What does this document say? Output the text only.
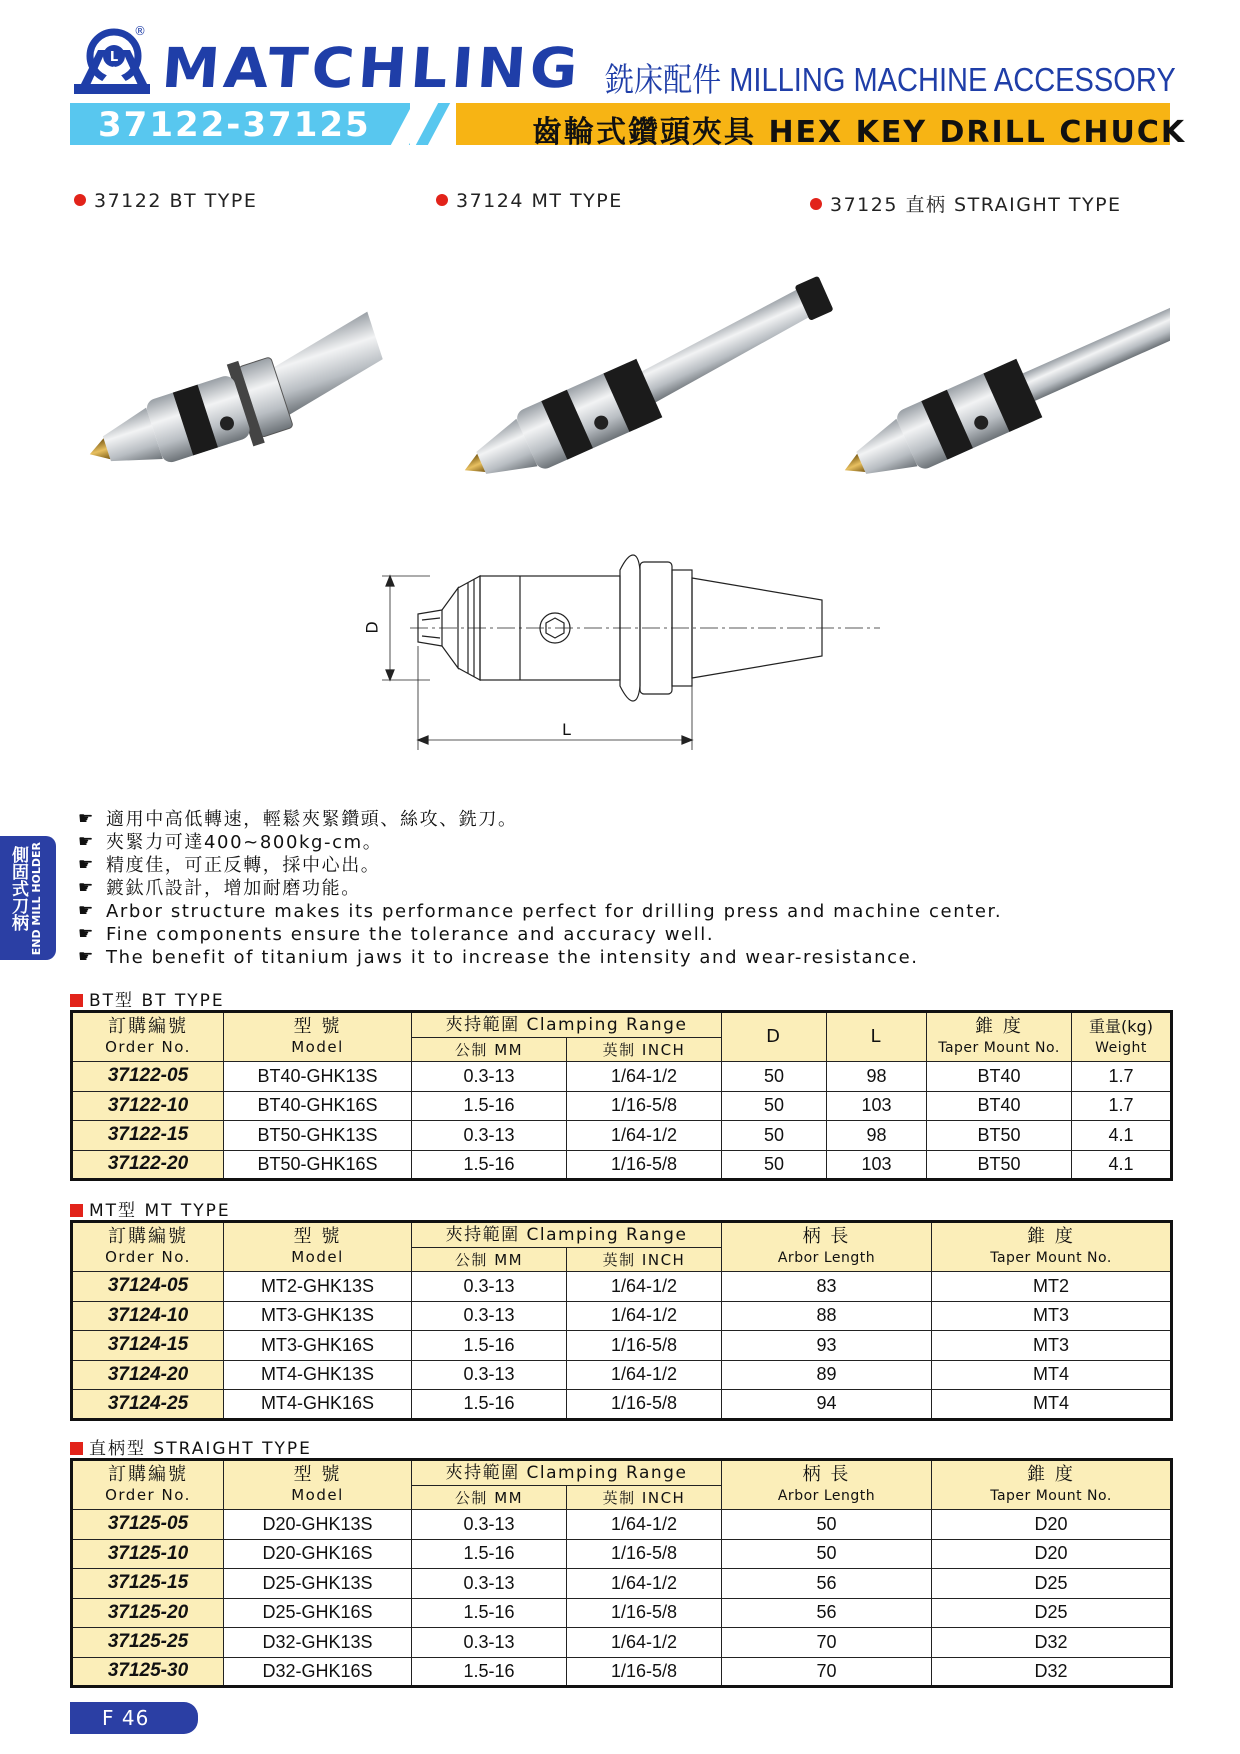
L
®
MATCHLING 銑床配件 MILLING MACHINE ACCESSORY
37122-37125	齒輪式鑽頭夾具 HEX KEY DRILL CHUCK
37122 BT TYPE	37124 MT TYPE	37125 直柄 STRAIGHT TYPE
D
L
側固式刀柄 END MILL HOLDER
☛ 適用中高低轉速，輕鬆夾緊鑽頭、絲攻、銑刀。
☛ 夾緊力可達400~800kg-cm。
☛ 精度佳，可正反轉，採中心出。
☛ 鍍鈦爪設計，增加耐磨功能。
☛ Arbor structure makes its performance perfect for drilling press and machine center.
☛ Fine components ensure the tolerance and accuracy well.
☛ The benefit of titanium jaws it to increase the intensity and wear-resistance.
BT型 BT TYPE
訂購編號
Order No.	型 號
Model	夾持範圍 Clamping Range		D	L	錐 度
Taper Mount No.	重量(kg)
Weight
		公制 MM	英制 INCH				
37122-05	BT40-GHK13S	0.3-13	1/64-1/2	50	98	BT40	1.7
37122-10	BT40-GHK16S	1.5-16	1/16-5/8	50	103	BT40	1.7
37122-15	BT50-GHK13S	0.3-13	1/64-1/2	50	98	BT50	4.1
37122-20	BT50-GHK16S	1.5-16	1/16-5/8	50	103	BT50	4.1
MT型 MT TYPE
訂購編號
Order No.	型 號
Model	夾持範圍 Clamping Range		柄 長
Arbor Length	錐 度
Taper Mount No.
		公制 MM	英制 INCH		
37124-05	MT2-GHK13S	0.3-13	1/64-1/2	83	MT2
37124-10	MT3-GHK13S	0.3-13	1/64-1/2	88	MT3
37124-15	MT3-GHK16S	1.5-16	1/16-5/8	93	MT3
37124-20	MT4-GHK13S	0.3-13	1/64-1/2	89	MT4
37124-25	MT4-GHK16S	1.5-16	1/16-5/8	94	MT4
直柄型 STRAIGHT TYPE
訂購編號
Order No.	型 號
Model	夾持範圍 Clamping Range		柄 長
Arbor Length	錐 度
Taper Mount No.
		公制 MM	英制 INCH		
37125-05	D20-GHK13S	0.3-13	1/64-1/2	50	D20
37125-10	D20-GHK16S	1.5-16	1/16-5/8	50	D20
37125-15	D25-GHK13S	0.3-13	1/64-1/2	56	D25
37125-20	D25-GHK16S	1.5-16	1/16-5/8	56	D25
37125-25	D32-GHK13S	0.3-13	1/64-1/2	70	D32
37125-30	D32-GHK16S	1.5-16	1/16-5/8	70	D32
F 46
